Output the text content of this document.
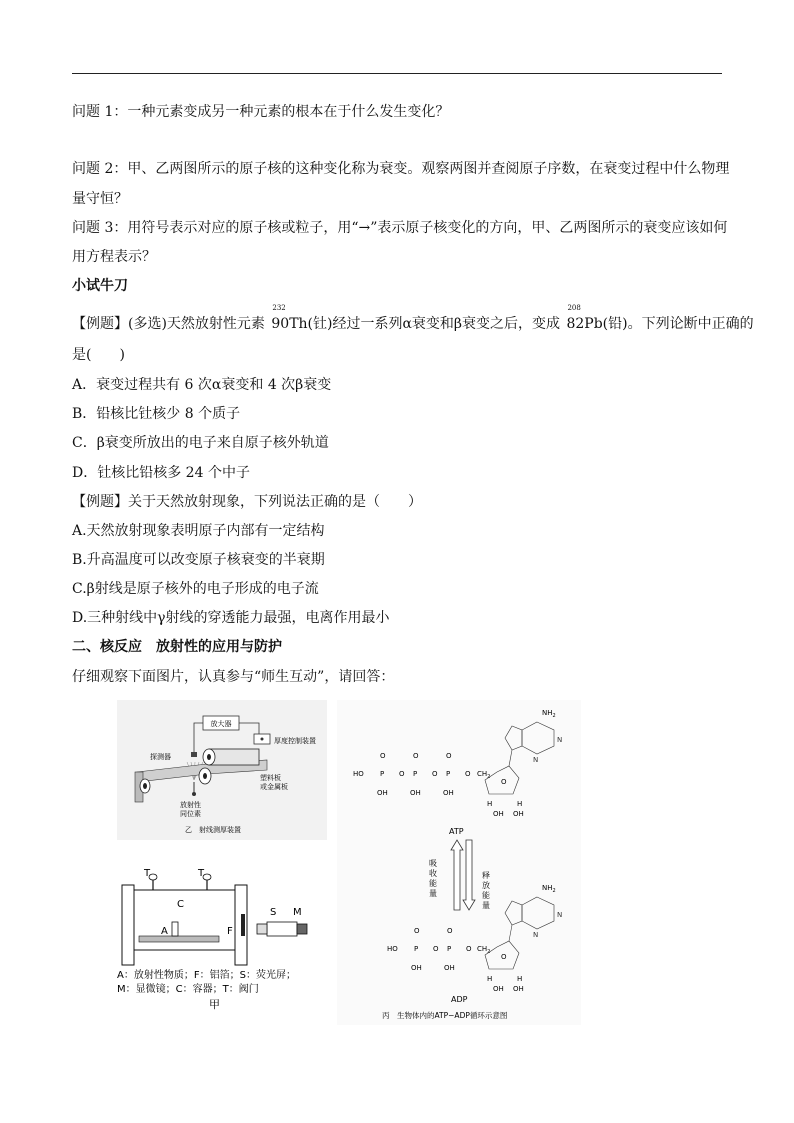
问题 1：一种元素变成另一种元素的根本在于什么发生变化？
问题 2：甲、乙两图所示的原子核的这种变化称为衰变。观察两图并查阅原子序数，在衰变过程中什么物理
量守恒？
问题 3：用符号表示对应的原子核或粒子，用“→”表示原子核变化的方向，甲、乙两图所示的衰变应该如何
用方程表示？
小试牛刀
【例题】(多选)天然放射性元素
232
90Th(钍)经过一系列α衰变和β衰变之后，变成
208
82Pb(铅)。下列论断中正确的
是(　　)
A．衰变过程共有 6 次α衰变和 4 次β衰变
B．铅核比钍核少 8 个质子
C．β衰变所放出的电子来自原子核外轨道
D．钍核比铅核多 24 个中子
【例题】关于天然放射现象，下列说法正确的是（　　）
A.天然放射现象表明原子内部有一定结构
B.升高温度可以改变原子核衰变的半衰期
C.β射线是原子核外的电子形成的电子流
D.三种射线中γ射线的穿透能力最强，电离作用最小
二、核反应　放射性的应用与防护
仔细观察下面图片，认真参与“师生互动”，请回答：
放大器
厚度控制装置
探测器
放射性
同位素
塑料板
或金属板
乙　射线测厚装置
T	T
C
A	F
S M
A：放射性物质；F：铝箔；S：荧光屏；
M：显微镜；C：容器；T：阀门
甲
$NH_2$
N
N
HO P	P	P
O	O	O
O	O	O
OH	OH	OH
$CH_2$
O
H	H
OH OH
ATP
吸
收
能
量
释
放
能
量
$NH_2$
N
N
HO P	P
O	O
O	O
OH	OH
$CH_2$
O
H	H
OH OH
ADP
丙　生物体内的ATP−ADP循环示意图
